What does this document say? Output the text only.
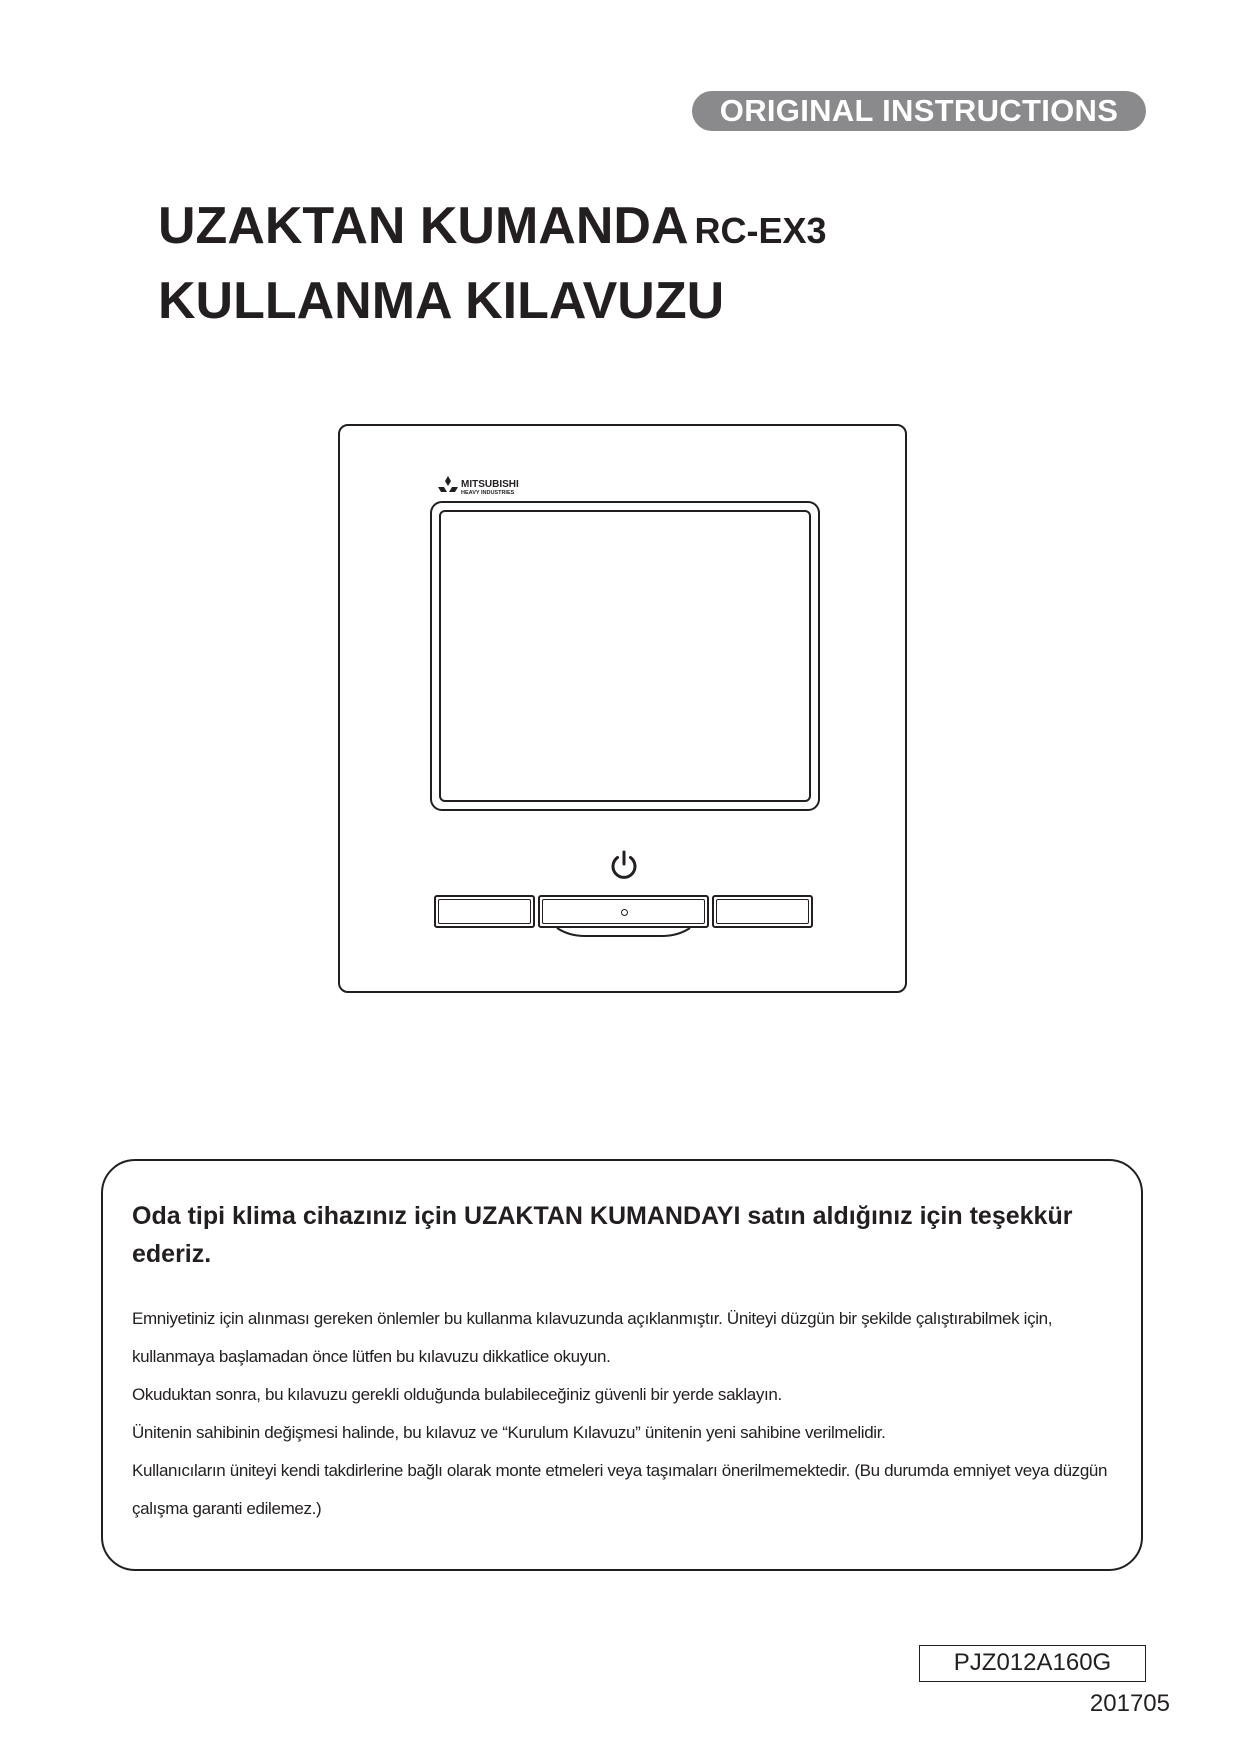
ORIGINAL INSTRUCTIONS
UZAKTAN KUMANDA RC-EX3
KULLANMA KILAVUZU
MITSUBISHI
HEAVY INDUSTRIES
Oda tipi klima cihazınız için UZAKTAN KUMANDAYI satın aldığınız için teşekkür ederiz.

Emniyetiniz için alınması gereken önlemler bu kullanma kılavuzunda açıklanmıştır. Üniteyi düzgün bir şekilde çalıştırabilmek için, kullanmaya başlamadan önce lütfen bu kılavuzu dikkatlice okuyun.

Okuduktan sonra, bu kılavuzu gerekli olduğunda bulabileceğiniz güvenli bir yerde saklayın.

Ünitenin sahibinin değişmesi halinde, bu kılavuz ve “Kurulum Kılavuzu” ünitenin yeni sahibine verilmelidir.

Kullanıcıların üniteyi kendi takdirlerine bağlı olarak monte etmeleri veya taşımaları önerilmemektedir. (Bu durumda emniyet veya düzgün çalışma garanti edilemez.)

PJZ012A160G
201705
